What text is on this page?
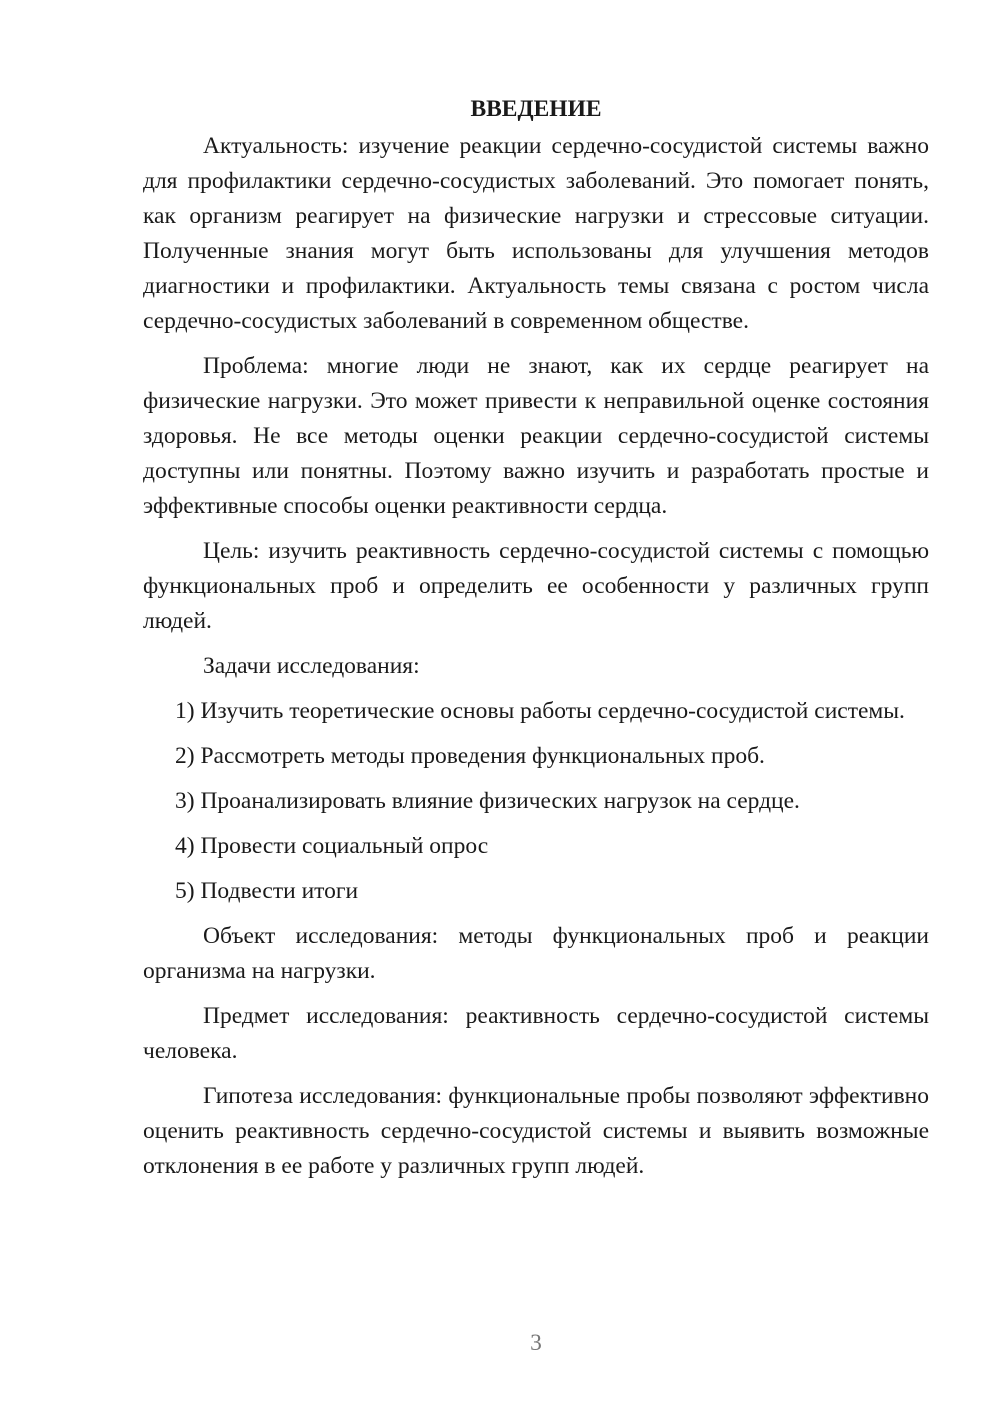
ВВЕДЕНИЕ

Актуальность: изучение реакции сердечно-сосудистой системы важно для профилактики сердечно-сосудистых заболеваний. Это помогает понять, как организм реагирует на физические нагрузки и стрессовые ситуации. Полученные знания могут быть использованы для улучшения методов диагностики и профилактики. Актуальность темы связана с ростом числа сердечно-сосудистых заболеваний в современном обществе.

Проблема: многие люди не знают, как их сердце реагирует на физические нагрузки. Это может привести к неправильной оценке состояния здоровья. Не все методы оценки реакции сердечно-сосудистой системы доступны или понятны. Поэтому важно изучить и разработать простые и эффективные способы оценки реактивности сердца.

Цель: изучить реактивность сердечно-сосудистой системы с помощью функциональных проб и определить ее особенности у различных групп людей.

Задачи исследования:

1) Изучить теоретические основы работы сердечно-сосудистой системы.

2) Рассмотреть методы проведения функциональных проб.

3) Проанализировать влияние физических нагрузок на сердце.

4) Провести социальный опрос

5) Подвести итоги

Объект исследования: методы функциональных проб и реакции организма на нагрузки.

Предмет исследования: реактивность сердечно-сосудистой системы человека.

Гипотеза исследования: функциональные пробы позволяют эффективно оценить реактивность сердечно-сосудистой системы и выявить возможные отклонения в ее работе у различных групп людей.

3
